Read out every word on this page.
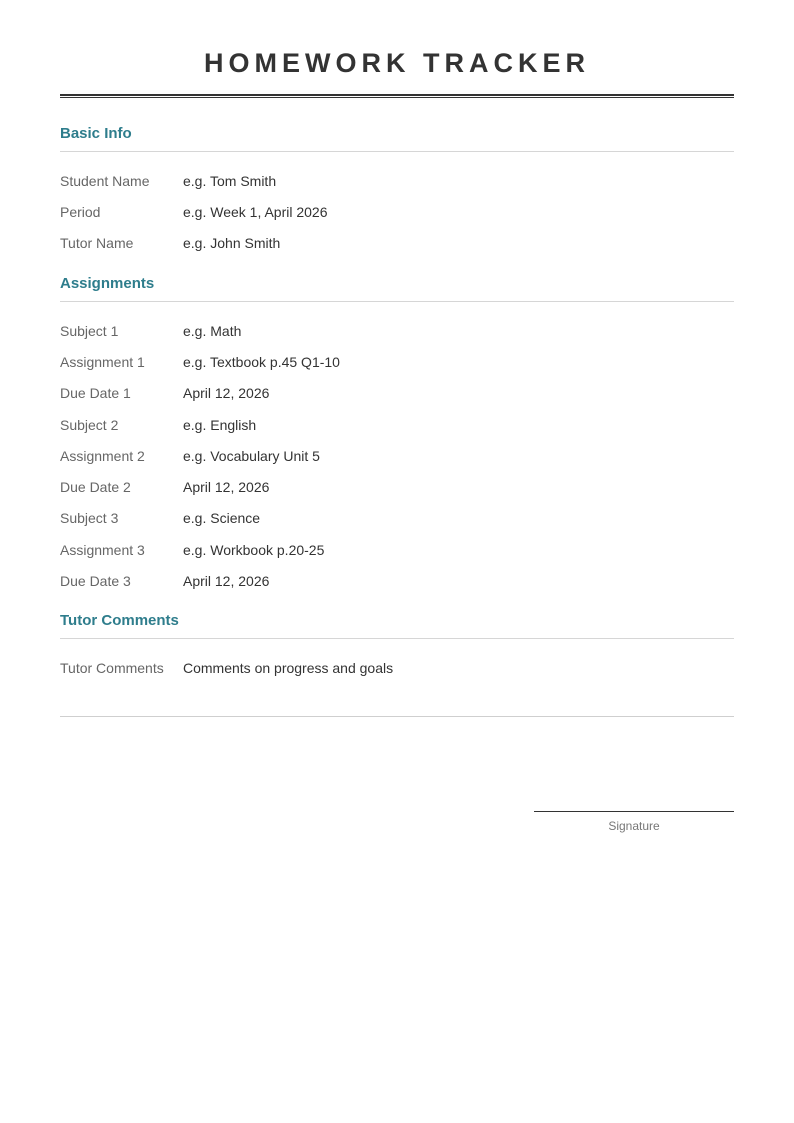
HOMEWORK TRACKER
Basic Info
Student Name	e.g. Tom Smith
Period	e.g. Week 1, April 2026
Tutor Name	e.g. John Smith
Assignments
Subject 1	e.g. Math
Assignment 1	e.g. Textbook p.45 Q1-10
Due Date 1	April 12, 2026
Subject 2	e.g. English
Assignment 2	e.g. Vocabulary Unit 5
Due Date 2	April 12, 2026
Subject 3	e.g. Science
Assignment 3	e.g. Workbook p.20-25
Due Date 3	April 12, 2026
Tutor Comments
Tutor Comments	Comments on progress and goals
Signature
